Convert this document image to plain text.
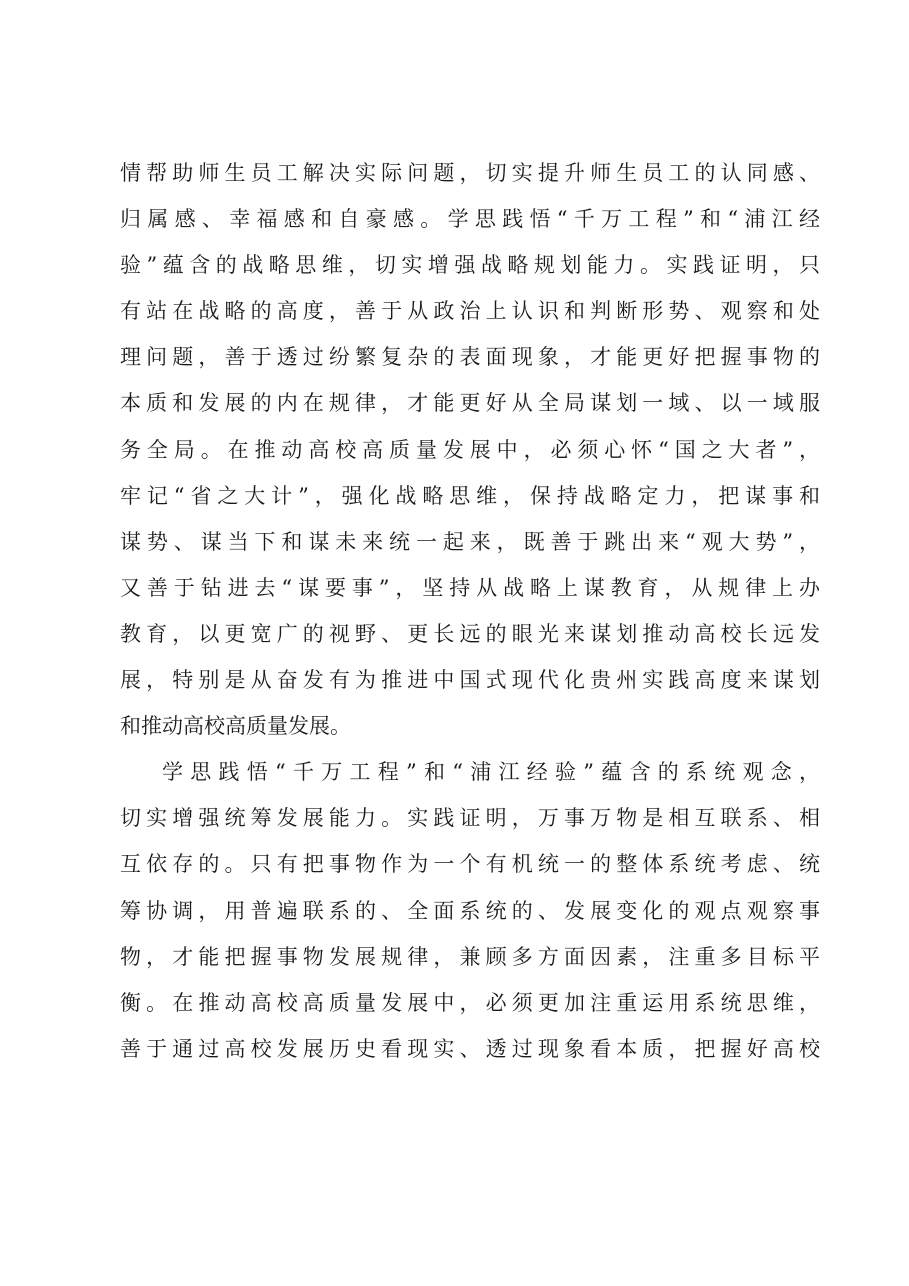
情帮助师生员工解决实际问题，切实提升师生员工的认同感、
归属感、幸福感和自豪感。学思践悟“千万工程”和“浦江经
验”蕴含的战略思维，切实增强战略规划能力。实践证明，只
有站在战略的高度，善于从政治上认识和判断形势、观察和处
理问题，善于透过纷繁复杂的表面现象，才能更好把握事物的
本质和发展的内在规律，才能更好从全局谋划一域、以一域服
务全局。在推动高校高质量发展中，必须心怀“国之大者”，
牢记“省之大计”，强化战略思维，保持战略定力，把谋事和
谋势、谋当下和谋未来统一起来，既善于跳出来“观大势”，
又善于钻进去“谋要事”，坚持从战略上谋教育，从规律上办
教育，以更宽广的视野、更长远的眼光来谋划推动高校长远发
展，特别是从奋发有为推进中国式现代化贵州实践高度来谋划
和推动高校高质量发展。
学思践悟“千万工程”和“浦江经验”蕴含的系统观念，
切实增强统筹发展能力。实践证明，万事万物是相互联系、相
互依存的。只有把事物作为一个有机统一的整体系统考虑、统
筹协调，用普遍联系的、全面系统的、发展变化的观点观察事
物，才能把握事物发展规律，兼顾多方面因素，注重多目标平
衡。在推动高校高质量发展中，必须更加注重运用系统思维，
善于通过高校发展历史看现实、透过现象看本质，把握好高校
